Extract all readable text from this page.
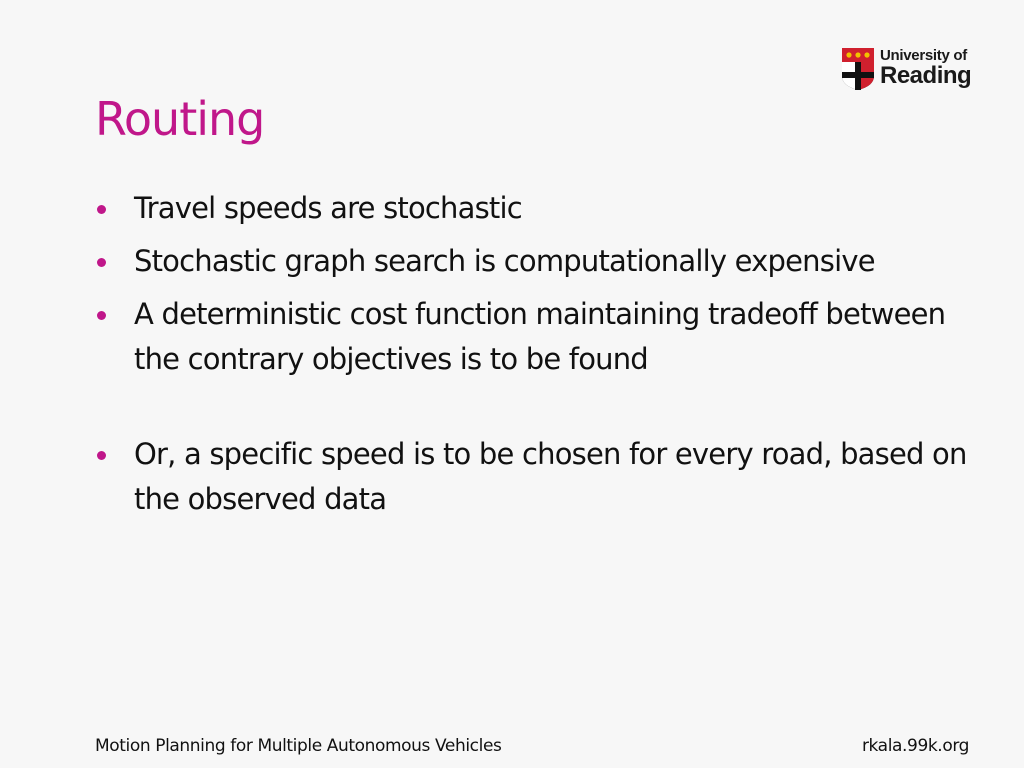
Routing
University of
Reading
Travel speeds are stochastic
Stochastic graph search is computationally expensive
A deterministic cost function maintaining tradeoff between the contrary objectives is to be found
Or, a specific speed is to be chosen for every road, based on the observed data
Motion Planning for Multiple Autonomous Vehicles	rkala.99k.org
